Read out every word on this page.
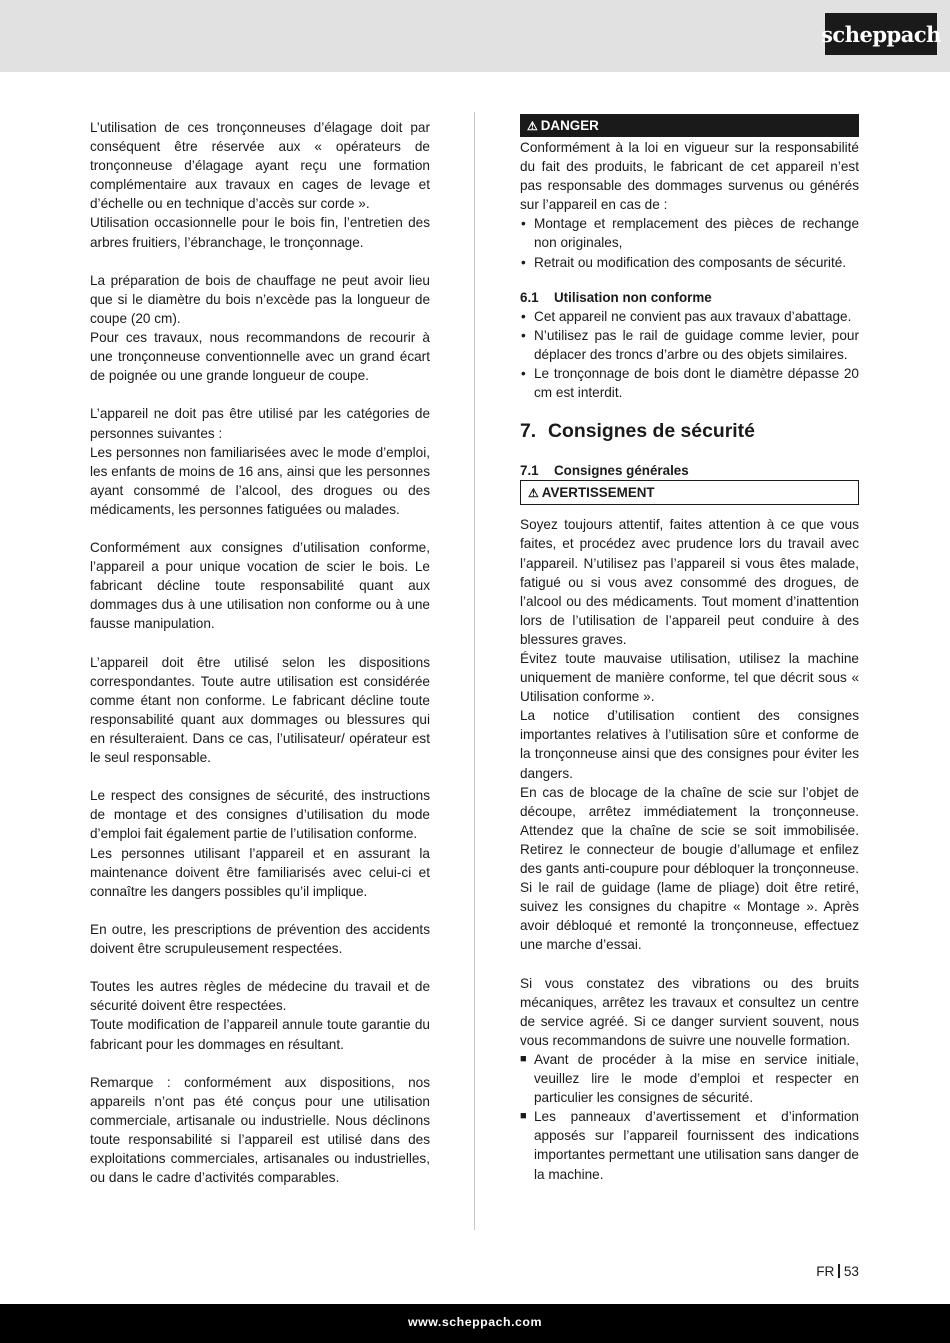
scheppach

L’utilisation de ces tronçonneuses d’élagage doit par conséquent être réservée aux « opérateurs de tronçonneuse d’élagage ayant reçu une formation complémentaire aux travaux en cages de levage et d’échelle ou en technique d’accès sur corde ».

Utilisation occasionnelle pour le bois fin, l’entretien des arbres fruitiers, l’ébranchage, le tronçonnage.

La préparation de bois de chauffage ne peut avoir lieu que si le diamètre du bois n’excède pas la longueur de coupe (20 cm).

Pour ces travaux, nous recommandons de recourir à une tronçonneuse conventionnelle avec un grand écart de poignée ou une grande longueur de coupe.

L’appareil ne doit pas être utilisé par les catégories de personnes suivantes :

Les personnes non familiarisées avec le mode d’emploi, les enfants de moins de 16 ans, ainsi que les personnes ayant consommé de l’alcool, des drogues ou des médicaments, les personnes fatiguées ou malades.

Conformément aux consignes d’utilisation conforme, l’appareil a pour unique vocation de scier le bois. Le fabricant décline toute responsabilité quant aux dommages dus à une utilisation non conforme ou à une fausse manipulation.

L’appareil doit être utilisé selon les dispositions correspondantes. Toute autre utilisation est considérée comme étant non conforme. Le fabricant décline toute responsabilité quant aux dommages ou blessures qui en résulteraient. Dans ce cas, l’utilisateur/ opérateur est le seul responsable.

Le respect des consignes de sécurité, des instructions de montage et des consignes d’utilisation du mode d’emploi fait également partie de l’utilisation conforme.

Les personnes utilisant l’appareil et en assurant la maintenance doivent être familiarisés avec celui-ci et connaître les dangers possibles qu’il implique.

En outre, les prescriptions de prévention des accidents doivent être scrupuleusement respectées.

Toutes les autres règles de médecine du travail et de sécurité doivent être respectées.

Toute modification de l’appareil annule toute garantie du fabricant pour les dommages en résultant.

Remarque : conformément aux dispositions, nos appareils n’ont pas été conçus pour une utilisation commerciale, artisanale ou industrielle. Nous déclinons toute responsabilité si l’appareil est utilisé dans des exploitations commerciales, artisanales ou industrielles, ou dans le cadre d’activités comparables.

⚠ DANGER

Conformément à la loi en vigueur sur la responsabilité du fait des produits, le fabricant de cet appareil n’est pas responsable des dommages survenus ou générés sur l’appareil en cas de :

• Montage et remplacement des pièces de rechange non originales,
• Retrait ou modification des composants de sécurité.
6.1 Utilisation non conforme
• Cet appareil ne convient pas aux travaux d’abattage.
• N’utilisez pas le rail de guidage comme levier, pour déplacer des troncs d’arbre ou des objets similaires.
• Le tronçonnage de bois dont le diamètre dépasse 20 cm est interdit.
7. Consignes de sécurité
7.1 Consignes générales
⚠ AVERTISSEMENT

Soyez toujours attentif, faites attention à ce que vous faites, et procédez avec prudence lors du travail avec l’appareil. N’utilisez pas l’appareil si vous êtes malade, fatigué ou si vous avez consommé des drogues, de l’alcool ou des médicaments. Tout moment d’inattention lors de l’utilisation de l’appareil peut conduire à des blessures graves.

Évitez toute mauvaise utilisation, utilisez la machine uniquement de manière conforme, tel que décrit sous « Utilisation conforme ».

La notice d’utilisation contient des consignes importantes relatives à l’utilisation sûre et conforme de la tronçonneuse ainsi que des consignes pour éviter les dangers.

En cas de blocage de la chaîne de scie sur l’objet de découpe, arrêtez immédiatement la tronçonneuse. Attendez que la chaîne de scie se soit immobilisée. Retirez le connecteur de bougie d’allumage et enfilez des gants anti-coupure pour débloquer la tronçonneuse. Si le rail de guidage (lame de pliage) doit être retiré, suivez les consignes du chapitre « Montage ». Après avoir débloqué et remonté la tronçonneuse, effectuez une marche d’essai.

Si vous constatez des vibrations ou des bruits mécaniques, arrêtez les travaux et consultez un centre de service agréé. Si ce danger survient souvent, nous vous recommandons de suivre une nouvelle formation.

■ Avant de procéder à la mise en service initiale, veuillez lire le mode d’emploi et respecter en particulier les consignes de sécurité.
■ Les panneaux d’avertissement et d’information apposés sur l’appareil fournissent des indications importantes permettant une utilisation sans danger de la machine.
FR 53
www.scheppach.com
